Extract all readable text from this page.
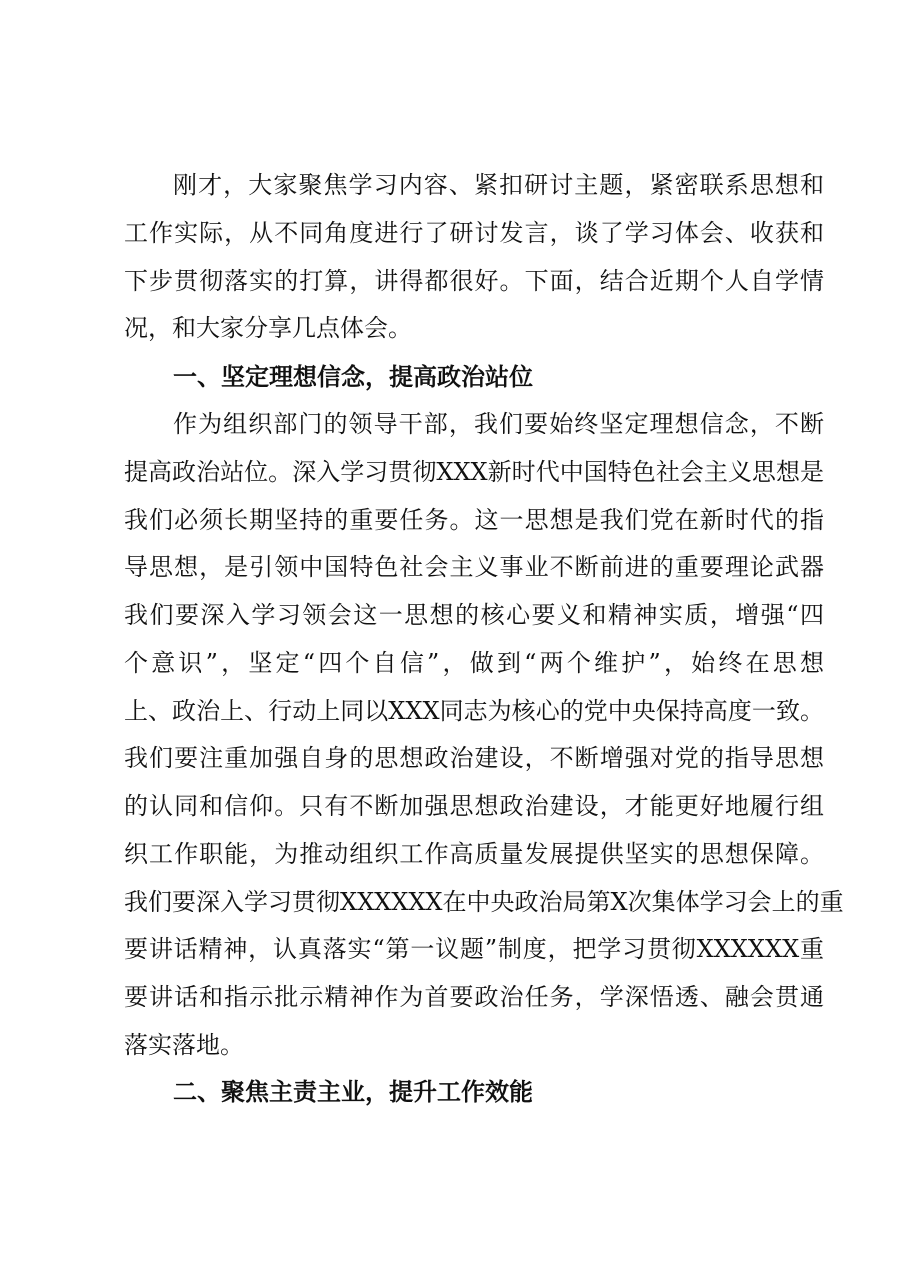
刚才，大家聚焦学习内容、紧扣研讨主题，紧密联系思想和
工作实际，从不同角度进行了研讨发言，谈了学习体会、收获和
下步贯彻落实的打算，讲得都很好。下面，结合近期个人自学情
况，和大家分享几点体会。
一、坚定理想信念，提高政治站位
作为组织部门的领导干部，我们要始终坚定理想信念，不断
提高政治站位。深入学习贯彻XXX新时代中国特色社会主义思想是
我们必须长期坚持的重要任务。这一思想是我们党在新时代的指
导思想，是引领中国特色社会主义事业不断前进的重要理论武器
我们要深入学习领会这一思想的核心要义和精神实质，增强“四
个意识”，坚定“四个自信”，做到“两个维护”，始终在思想
上、政治上、行动上同以XXX同志为核心的党中央保持高度一致。
我们要注重加强自身的思想政治建设，不断增强对党的指导思想
的认同和信仰。只有不断加强思想政治建设，才能更好地履行组
织工作职能，为推动组织工作高质量发展提供坚实的思想保障。
我们要深入学习贯彻XXXXXX在中央政治局第X次集体学习会上的重
要讲话精神，认真落实“第一议题”制度，把学习贯彻XXXXXX重
要讲话和指示批示精神作为首要政治任务，学深悟透、融会贯通
落实落地。
二、聚焦主责主业，提升工作效能
